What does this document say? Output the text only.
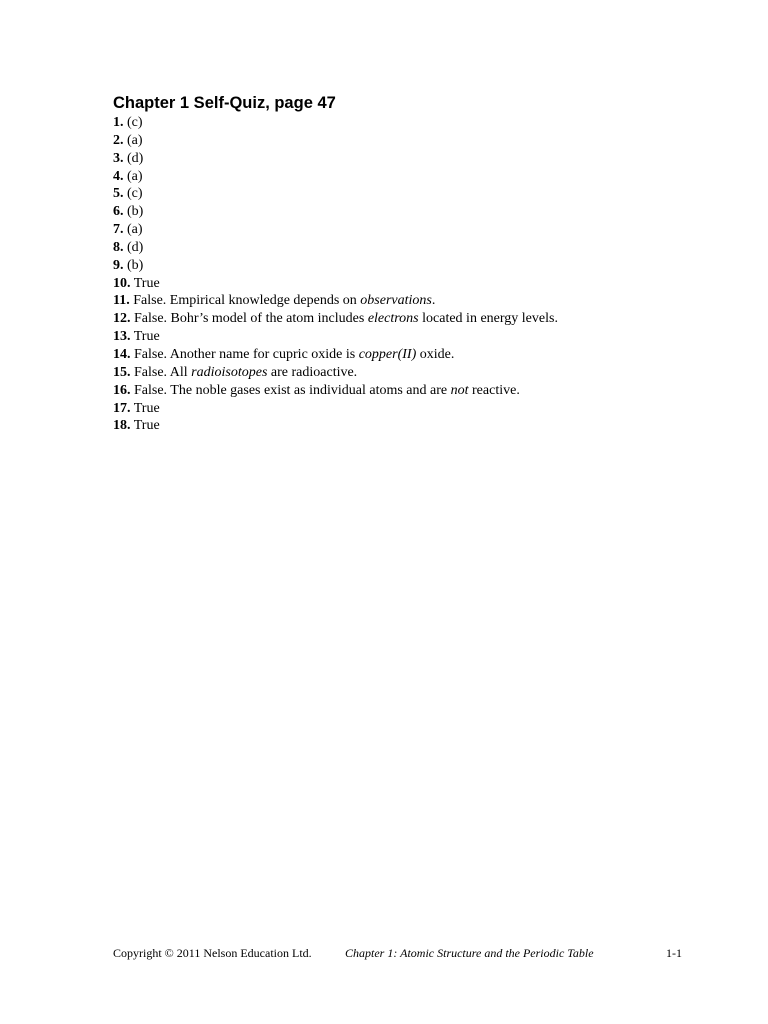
Chapter 1 Self-Quiz, page 47
1. (c)
2. (a)
3. (d)
4. (a)
5. (c)
6. (b)
7. (a)
8. (d)
9. (b)
10. True
11. False. Empirical knowledge depends on observations.
12. False. Bohr’s model of the atom includes electrons located in energy levels.
13. True
14. False. Another name for cupric oxide is copper(II) oxide.
15. False. All radioisotopes are radioactive.
16. False. The noble gases exist as individual atoms and are not reactive.
17. True
18. True
Copyright © 2011 Nelson Education Ltd.	Chapter 1: Atomic Structure and the Periodic Table	1-1
